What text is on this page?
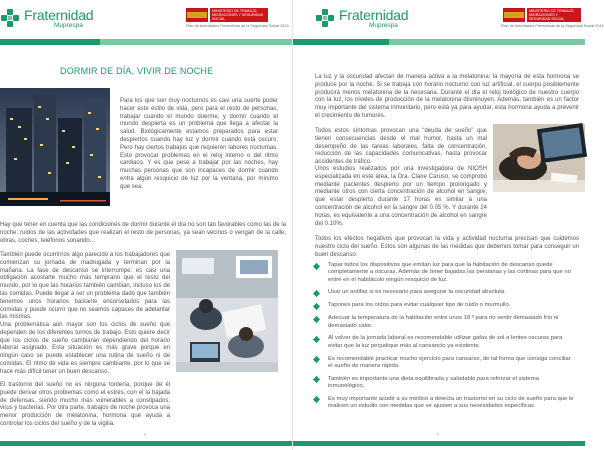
Fraternidad
Muprespa
MINISTERIO DE TRABAJO, MIGRACIONES Y SEGURIDAD SOCIAL
Plan de Actividades Preventivas de la Seguridad Social 2019
DORMIR DE DÍA, VIVIR DE NOCHE
Para los que son muy nocturnos es casi una suerte poder hacer este estilo de vida, pero para el resto de personas, trabajar cuando el mundo duerme, y dormir cuando el mundo despierta es un problema que llega a afectar la salud. Biológicamente estamos preparados para estar despiertos cuando hay luz y dormir cuando está oscuro. Pero hay ciertos trabajos que requieren labores nocturnas. Esto provocar problemas en el reloj interno o del ritmo cardiaco. Y es que pese a trabajar por las noches, hay muchas personas que son incapaces de dormir cuando entra algún resquicio de luz por la ventana, por mínimo que sea.
Hay que tener en cuenta que las condiciones de dormir durante el día no son tan favorables como las de la noche: ruidos de las actividades que realizan el resto de personas, ya sean vecinos o vengan de la calle, obras, coches, teléfonos sonando…
También puede ocurrirnos algo parecido a los trabajadores que comienzan su jornada de madrugada y terminan por la mañana. La fase de descanso se interrumpe: es casi una obligación acostarte mucho más temprano que el resto del mundo, por lo que las horarios también cambian, incluso los de las comidas. Puede llegar a ser un problema dado que también tenemos unos horarios bastante encorsetados para las comidas y puede ocurrir que no seamos capaces de adelantar las mismas.
Una problemática aún mayor son los ciclos de sueño que dependen de los diferentes turnos de trabajo. Esto quiere decir que los ciclos de sueño cambiarán dependiendo del horario laboral asignado. Esta situación es más grave porque en ningún caso se puede establecer una rutina de sueño ni de comidas. El ritmo de vida es siempre cambiante, por lo que se hace más difícil tener un buen descanso.
El trastorno del sueño no es ninguna tontería, porque de él puede derivar otros problemas como el estrés, con el la bajada de defensas, siendo mucho más vulnerables a constipados, virus y bacterias. Por otra parte, trabajos de noche provoca una menor producción de melatonina, hormona que ayuda a controlar los ciclos del sueño y de la vigilia.
•
Fraternidad
Muprespa
MINISTERIO DE TRABAJO, MIGRACIONES Y SEGURIDAD SOCIAL
Plan de Actividades Preventivas de la Seguridad Social 2019
La luz y la oscuridad afectan de manera activa a la melatonina: la mayoría de esta hormona se produce por la noche. Si se trabaja con horario nocturno con luz artificial, el cuerpo posiblemente producirá menos melatonina de la necesaria. Durante el día el reloj biológico de nuestro cuerpo con la luz, los niveles de producción de la melatonina disminuyen. Además, también es un factor muy importante del sistema inmunitario, pero está ya para ayudar, esta hormona ayuda a prevenir el crecimiento de tumores.
Todos estos síntomas provocan una “deuda de sueño” que tienen consecuencias desde el mal humor, hasta un mal desempeño de las tareas laborales, falta de concentración, reducción de las capacidades comunicativas, hasta provocar accidentes de tráfico.
Unos estudios realizados por una investigadora de NIOSH especializada en este área, la Dra. Claire Caruso, se comprobó mediante pacientes despierto por un tiempo prolongado y mediante otros con cierta concentración de alcohol en sangre, que estar despierto durante 17 horas es similar a una concentración de alcohol en la sangre del 0.05 %. Y durante 24 horas, es equivalente a una concentración de alcohol en sangre del 0.10%.
Todos los efectos negativos que provocan la vida y actividad nocturna precisan que cuidemos nuestro ciclo del sueño. Estos son algunas de las medidas que debemos tomar para conseguir un buen descanso:
Tapar todos los dispositivos que emitan luz para que la habitación de descanso quede completamente a oscuras. Además de tener bajadas las persianas y las cortinas para que no entre en el habitáculo ningún resquicio de luz.
Usar un antifaz si es necesario para asegurar la oscuridad absoluta.
Tapones para los oídos para evitar cualquier tipo de ruido o murmullo.
Adecuar la temperatura de la habitación entre unos 18 º para no sentir demasiado frío ni demasiado calor.
Al volver de la jornada laboral es recomendable utilizar gafas de sol a lentes oscuras para evitar que la luz perjudique más al cansancio ya existente.
Es recomendable practicar mucho ejercicio para cansarse, de tal forma que consiga conciliar el sueño de manera rápida.
También es importante una dieta equilibrada y saludable para reforzar el sistema inmunológico.
Es muy importante acudir a su médico a detecta un trastorno en su ciclo de sueño para que le realicen un estudio con medidas que se ajusten a sus necesidades específicas.
•
